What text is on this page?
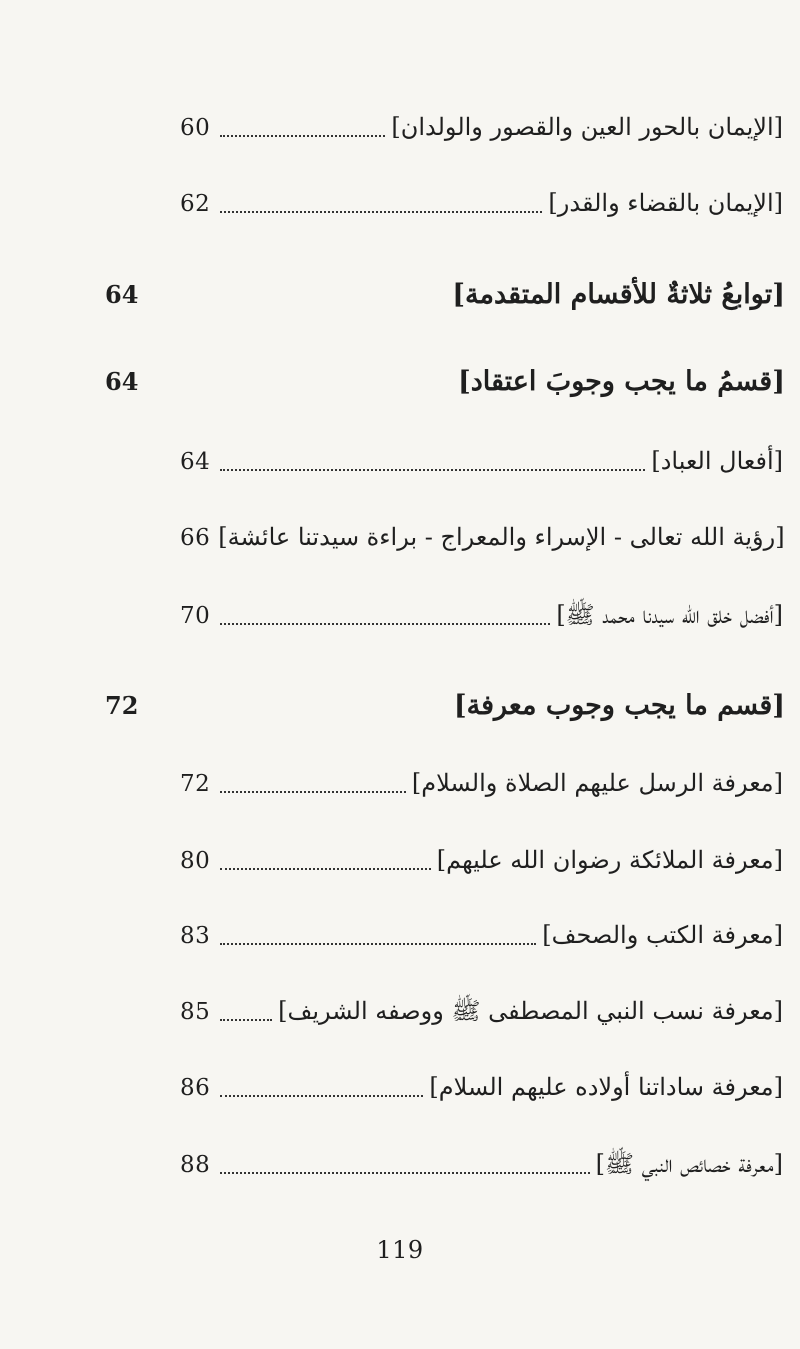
60	[الإيمان بالحور العين والقصور والولدان]
62	[الإيمان بالقضاء والقدر]
64	[توابعُ ثلاثةٌ للأقسام المتقدمة]
64	[قسمُ ما يجب وجوبَ اعتقاد]
64	[أفعال العباد]
66 [رؤية الله تعالى - الإسراء والمعراج - براءة سيدتنا عائشة]
70	[أفضل خلق الله سيدنا محمد ﷺ]
72	[قسم ما يجب وجوب معرفة]
72	[معرفة الرسل عليهم الصلاة والسلام]
80	[معرفة الملائكة رضوان الله عليهم]
83	[معرفة الكتب والصحف]
85	[معرفة نسب النبي المصطفى ﷺ ووصفه الشريف]
86	[معرفة ساداتنا أولاده عليهم السلام]
88	[معرفة خصائص النبي ﷺ]
119
